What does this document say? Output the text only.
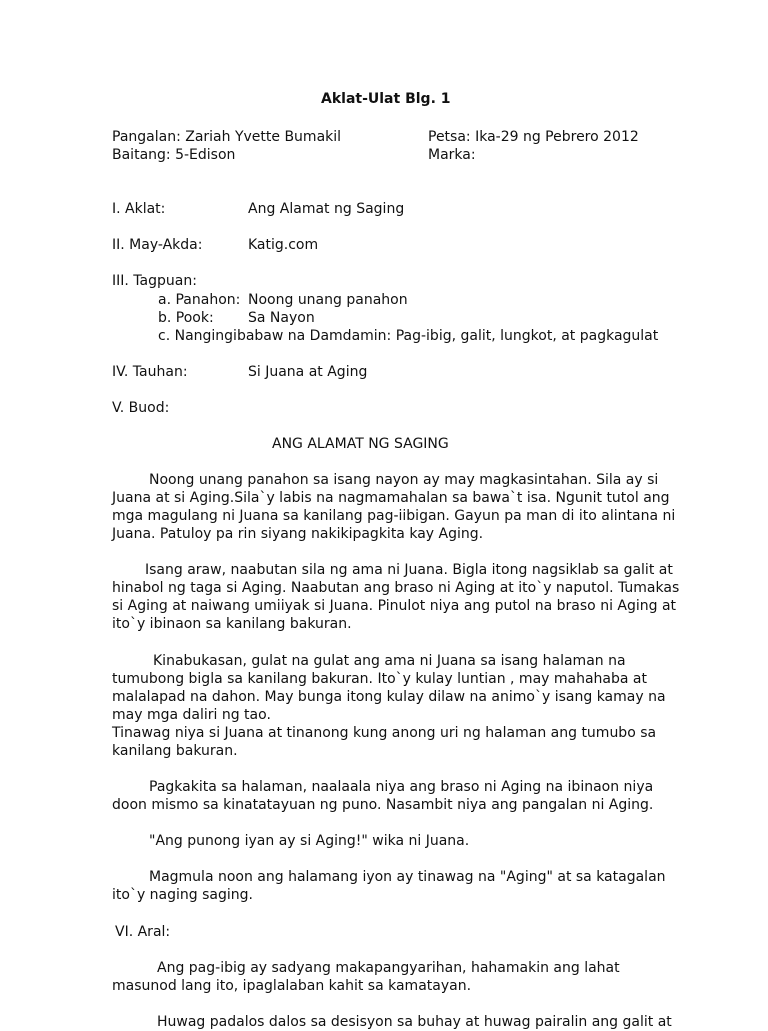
Aklat-Ulat Blg. 1
Pangalan: Zariah Yvette Bumakil
Baitang: 5-Edison
Petsa: Ika-29 ng Pebrero 2012
Marka:
I. Aklat:	Ang Alamat ng Saging
II. May-Akda:	Katig.com
III. Tagpuan:
a. Panahon: Noong unang panahon
b. Pook: Sa Nayon
c. Nangingibabaw na Damdamin: Pag-ibig, galit, lungkot, at pagkagulat
IV. Tauhan:	Si Juana at Aging
V. Buod:
ANG ALAMAT NG SAGING
Noong unang panahon sa isang nayon ay may magkasintahan. Sila ay si
Juana at si Aging.Sila`y labis na nagmamahalan sa bawa`t isa. Ngunit tutol ang
mga magulang ni Juana sa kanilang pag-iibigan. Gayun pa man di ito alintana ni
Juana. Patuloy pa rin siyang nakikipagkita kay Aging.
Isang araw, naabutan sila ng ama ni Juana. Bigla itong nagsiklab sa galit at
hinabol ng taga si Aging. Naabutan ang braso ni Aging at ito`y naputol. Tumakas
si Aging at naiwang umiiyak si Juana. Pinulot niya ang putol na braso ni Aging at
ito`y ibinaon sa kanilang bakuran.
Kinabukasan, gulat na gulat ang ama ni Juana sa isang halaman na
tumubong bigla sa kanilang bakuran. Ito`y kulay luntian , may mahahaba at
malalapad na dahon. May bunga itong kulay dilaw na animo`y isang kamay na
may mga daliri ng tao.
Tinawag niya si Juana at tinanong kung anong uri ng halaman ang tumubo sa
kanilang bakuran.
Pagkakita sa halaman, naalaala niya ang braso ni Aging na ibinaon niya
doon mismo sa kinatatayuan ng puno. Nasambit niya ang pangalan ni Aging.
"Ang punong iyan ay si Aging!" wika ni Juana.
Magmula noon ang halamang iyon ay tinawag na "Aging" at sa katagalan
ito`y naging saging.
VI. Aral:
Ang pag-ibig ay sadyang makapangyarihan, hahamakin ang lahat
masunod lang ito, ipaglalaban kahit sa kamatayan.
Huwag padalos dalos sa desisyon sa buhay at huwag pairalin ang galit at
